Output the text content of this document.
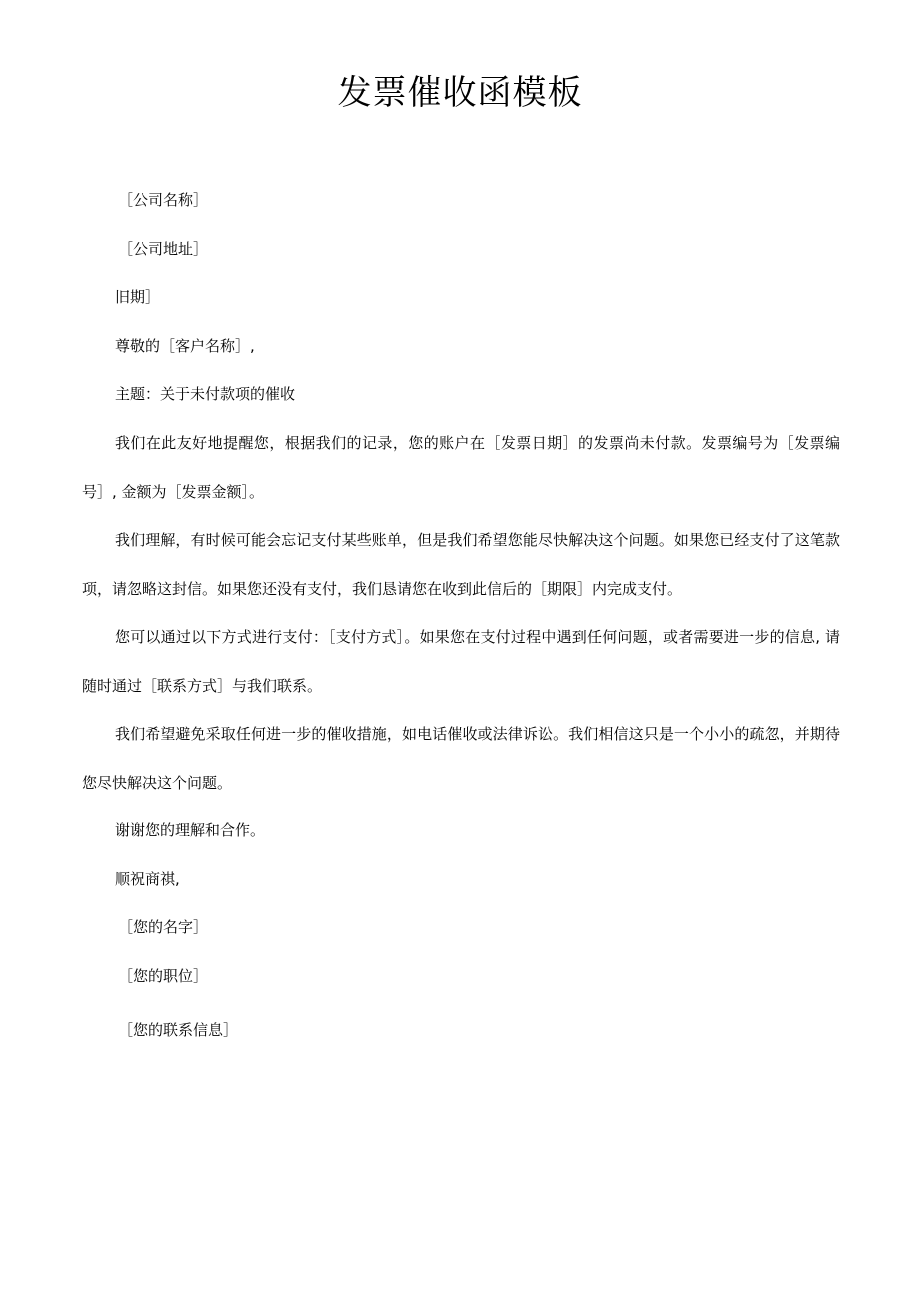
发票催收函模板
［公司名称］
［公司地址］
旧期］
尊敬的［客户名称］,
主题：关于未付款项的催收

我们在此友好地提醒您，根据我们的记录，您的账户在［发票日期］的发票尚未付款。发票编号为［发票编号］, 金额为［发票金额］。

我们理解，有时候可能会忘记支付某些账单，但是我们希望您能尽快解决这个问题。如果您已经支付了这笔款项，请忽略这封信。如果您还没有支付，我们恳请您在收到此信后的［期限］内完成支付。

您可以通过以下方式进行支付：［支付方式］。如果您在支付过程中遇到任何问题，或者需要进一步的信息, 请随时通过［联系方式］与我们联系。

我们希望避免采取任何进一步的催收措施，如电话催收或法律诉讼。我们相信这只是一个小小的疏忽，并期待您尽快解决这个问题。

谢谢您的理解和合作。
顺祝商祺,
［您的名字］
［您的职位］
［您的联系信息］
